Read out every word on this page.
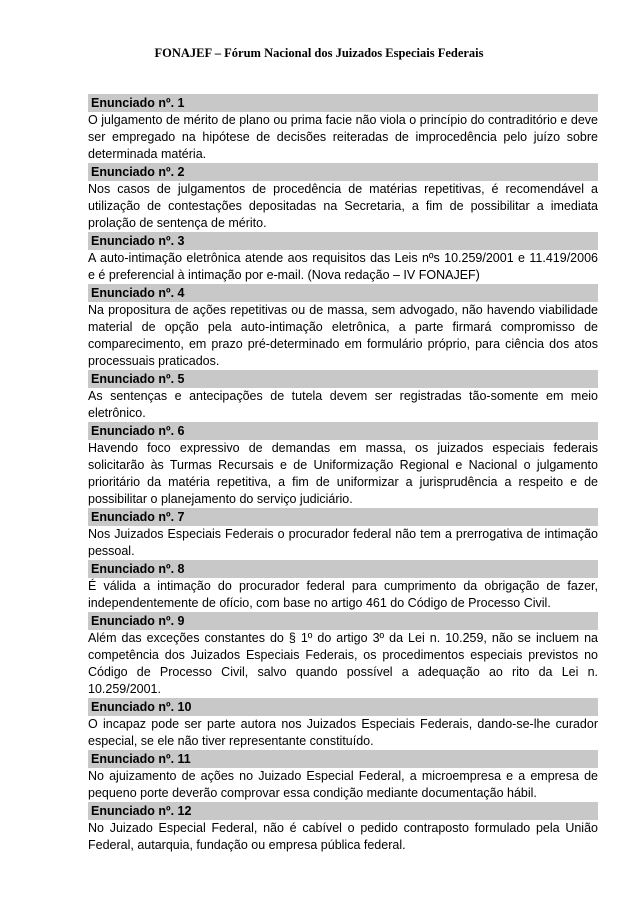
FONAJEF – Fórum Nacional dos Juizados Especiais Federais
Enunciado nº. 1

O julgamento de mérito de plano ou prima facie não viola o princípio do contraditório e deve ser empregado na hipótese de decisões reiteradas de improcedência pelo juízo sobre determinada matéria.

Enunciado nº. 2

Nos casos de julgamentos de procedência de matérias repetitivas, é recomendável a utilização de contestações depositadas na Secretaria, a fim de possibilitar a imediata prolação de sentença de mérito.

Enunciado nº. 3

A auto-intimação eletrônica atende aos requisitos das Leis nºs 10.259/2001 e 11.419/2006 e é preferencial à intimação por e-mail. (Nova redação – IV FONAJEF)

Enunciado nº. 4

Na propositura de ações repetitivas ou de massa, sem advogado, não havendo viabilidade material de opção pela auto-intimação eletrônica, a parte firmará compromisso de comparecimento, em prazo pré-determinado em formulário próprio, para ciência dos atos processuais praticados.

Enunciado nº. 5

As sentenças e antecipações de tutela devem ser registradas tão-somente em meio eletrônico.

Enunciado nº. 6

Havendo foco expressivo de demandas em massa, os juizados especiais federais solicitarão às Turmas Recursais e de Uniformização Regional e Nacional o julgamento prioritário da matéria repetitiva, a fim de uniformizar a jurisprudência a respeito e de possibilitar o planejamento do serviço judiciário.

Enunciado nº. 7

Nos Juizados Especiais Federais o procurador federal não tem a prerrogativa de intimação pessoal.

Enunciado nº. 8

É válida a intimação do procurador federal para cumprimento da obrigação de fazer, independentemente de ofício, com base no artigo 461 do Código de Processo Civil.

Enunciado nº. 9

Além das exceções constantes do § 1º do artigo 3º da Lei n. 10.259, não se incluem na competência dos Juizados Especiais Federais, os procedimentos especiais previstos no Código de Processo Civil, salvo quando possível a adequação ao rito da Lei n. 10.259/2001.

Enunciado nº. 10

O incapaz pode ser parte autora nos Juizados Especiais Federais, dando-se-lhe curador especial, se ele não tiver representante constituído.

Enunciado nº. 11

No ajuizamento de ações no Juizado Especial Federal, a microempresa e a empresa de pequeno porte deverão comprovar essa condição mediante documentação hábil.

Enunciado nº. 12

No Juizado Especial Federal, não é cabível o pedido contraposto formulado pela União Federal, autarquia, fundação ou empresa pública federal.
